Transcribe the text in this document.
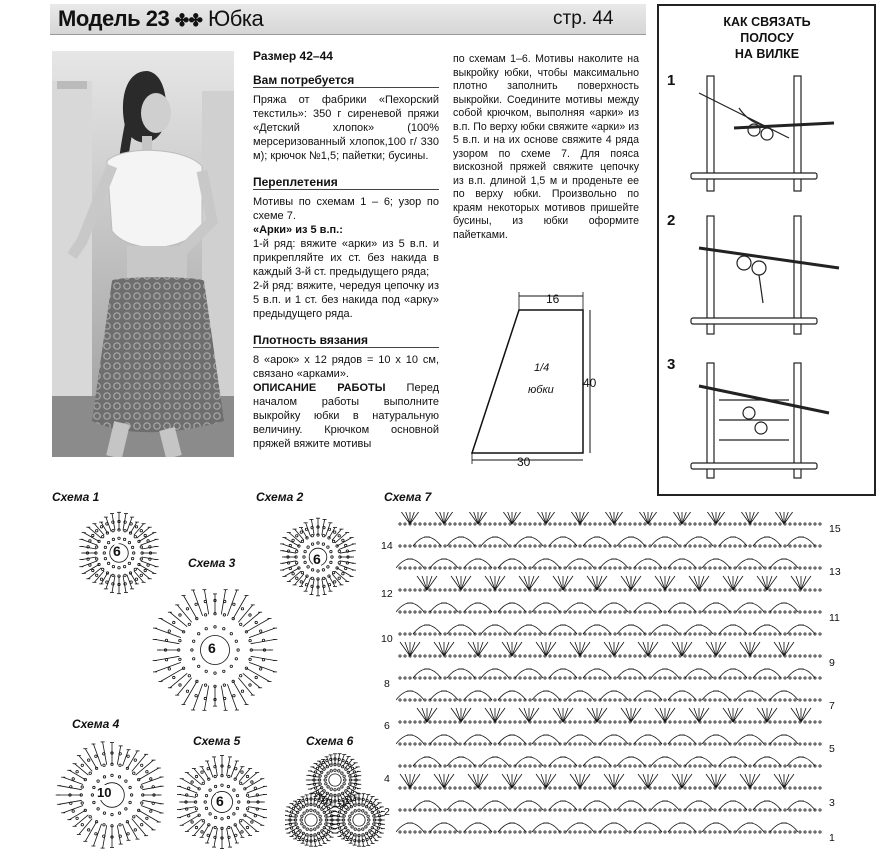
Модель 23 ✤✤ Юбка	стр. 44
Размер 42–44
Вам потребуется
Пряжа от фабрики «Пехорский текстиль»: 350 г сиреневой пряжи «Детский хлопок» (100% мерсеризованный хлопок,100 г/ 330 м); крючок №1,5; пайетки; бусины.
Переплетения

Мотивы по схемам 1 – 6; узор по схеме 7.

«Арки» из 5 в.п.:

1-й ряд: вяжите «арки» из 5 в.п. и прикрепляйте их ст. без накида в каждый 3-й ст. предыдущего ряда;

2-й ряд: вяжите, чередуя цепочку из 5 в.п. и 1 ст. без накида под «арку» предыдущего ряда.

Плотность вязания
8 «арок» х 12 рядов = 10 х 10 см, связано «арками».
ОПИСАНИЕ РАБОТЫ Перед началом работы выполните выкройку юбки в натуральную величину. Крючком основной пряжей вяжите мотивы
по схемам 1–6. Мотивы наколите на выкройку юбки, чтобы максимально плотно заполнить поверхность выкройки. Соедините мотивы между собой крючком, выполняя «арки» из в.п. По верху юбки свяжите «арки» из 5 в.п. и на их основе свяжите 4 ряда узором по схеме 7. Для пояса вискозной пряжей свяжите цепочку из в.п. длиной 1,5 м и проденьте ее по верху юбки. Произвольно по краям некоторых мотивов пришейте бусины, из юбки оформите пайетками.
16
40
30
1/4
юбки
КАК СВЯЗАТЬ
ПОЛОСУ
НА ВИЛКЕ
1
2
3
Схема 1	Схема 2
Схема 3
Схема 7
Схема 4
Схема 5	Схема 6
6	6
6
10
6
14
12
10
8
6
4
2
15
13
11
9
7
5
3
1
